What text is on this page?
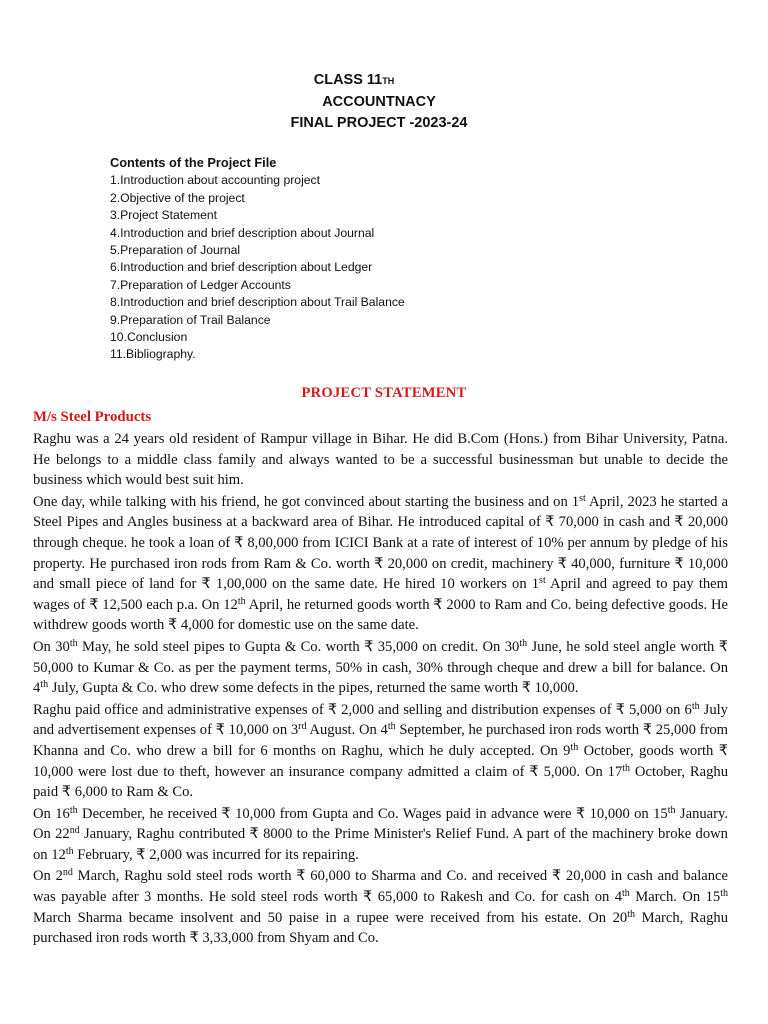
CLASS 11TH
ACCOUNTNACY
FINAL PROJECT -2023-24
Contents of the Project File
1.Introduction about accounting project
2.Objective of the project
3.Project Statement
4.Introduction and brief description about Journal
5.Preparation of Journal
6.Introduction and brief description about Ledger
7.Preparation of Ledger Accounts
8.Introduction and brief description about Trail Balance
9.Preparation of Trail Balance
10.Conclusion
11.Bibliography.
PROJECT STATEMENT
M/s Steel Products

Raghu was a 24 years old resident of Rampur village in Bihar. He did B.Com (Hons.) from Bihar University, Patna. He belongs to a middle class family and always wanted to be a successful businessman but unable to decide the business which would best suit him.

One day, while talking with his friend, he got convinced about starting the business and on 1st April, 2023 he started a Steel Pipes and Angles business at a backward area of Bihar. He introduced capital of ₹ 70,000 in cash and ₹ 20,000 through cheque. he took a loan of ₹ 8,00,000 from ICICI Bank at a rate of interest of 10% per annum by pledge of his property. He purchased iron rods from Ram & Co. worth ₹ 20,000 on credit, machinery ₹ 40,000, furniture ₹ 10,000 and small piece of land for ₹ 1,00,000 on the same date. He hired 10 workers on 1st April and agreed to pay them wages of ₹ 12,500 each p.a. On 12th April, he returned goods worth ₹ 2000 to Ram and Co. being defective goods. He withdrew goods worth ₹ 4,000 for domestic use on the same date.

On 30th May, he sold steel pipes to Gupta & Co. worth ₹ 35,000 on credit. On 30th June, he sold steel angle worth ₹ 50,000 to Kumar & Co. as per the payment terms, 50% in cash, 30% through cheque and drew a bill for balance. On 4th July, Gupta & Co. who drew some defects in the pipes, returned the same worth ₹ 10,000.

Raghu paid office and administrative expenses of ₹ 2,000 and selling and distribution expenses of ₹ 5,000 on 6th July and advertisement expenses of ₹ 10,000 on 3rd August. On 4th September, he purchased iron rods worth ₹ 25,000 from Khanna and Co. who drew a bill for 6 months on Raghu, which he duly accepted. On 9th October, goods worth ₹ 10,000 were lost due to theft, however an insurance company admitted a claim of ₹ 5,000. On 17th October, Raghu paid ₹ 6,000 to Ram & Co.

On 16th December, he received ₹ 10,000 from Gupta and Co. Wages paid in advance were ₹ 10,000 on 15th January. On 22nd January, Raghu contributed ₹ 8000 to the Prime Minister's Relief Fund. A part of the machinery broke down on 12th February, ₹ 2,000 was incurred for its repairing.

On 2nd March, Raghu sold steel rods worth ₹ 60,000 to Sharma and Co. and received ₹ 20,000 in cash and balance was payable after 3 months. He sold steel rods worth ₹ 65,000 to Rakesh and Co. for cash on 4th March. On 15th March Sharma became insolvent and 50 paise in a rupee were received from his estate. On 20th March, Raghu purchased iron rods worth ₹ 3,33,000 from Shyam and Co.
